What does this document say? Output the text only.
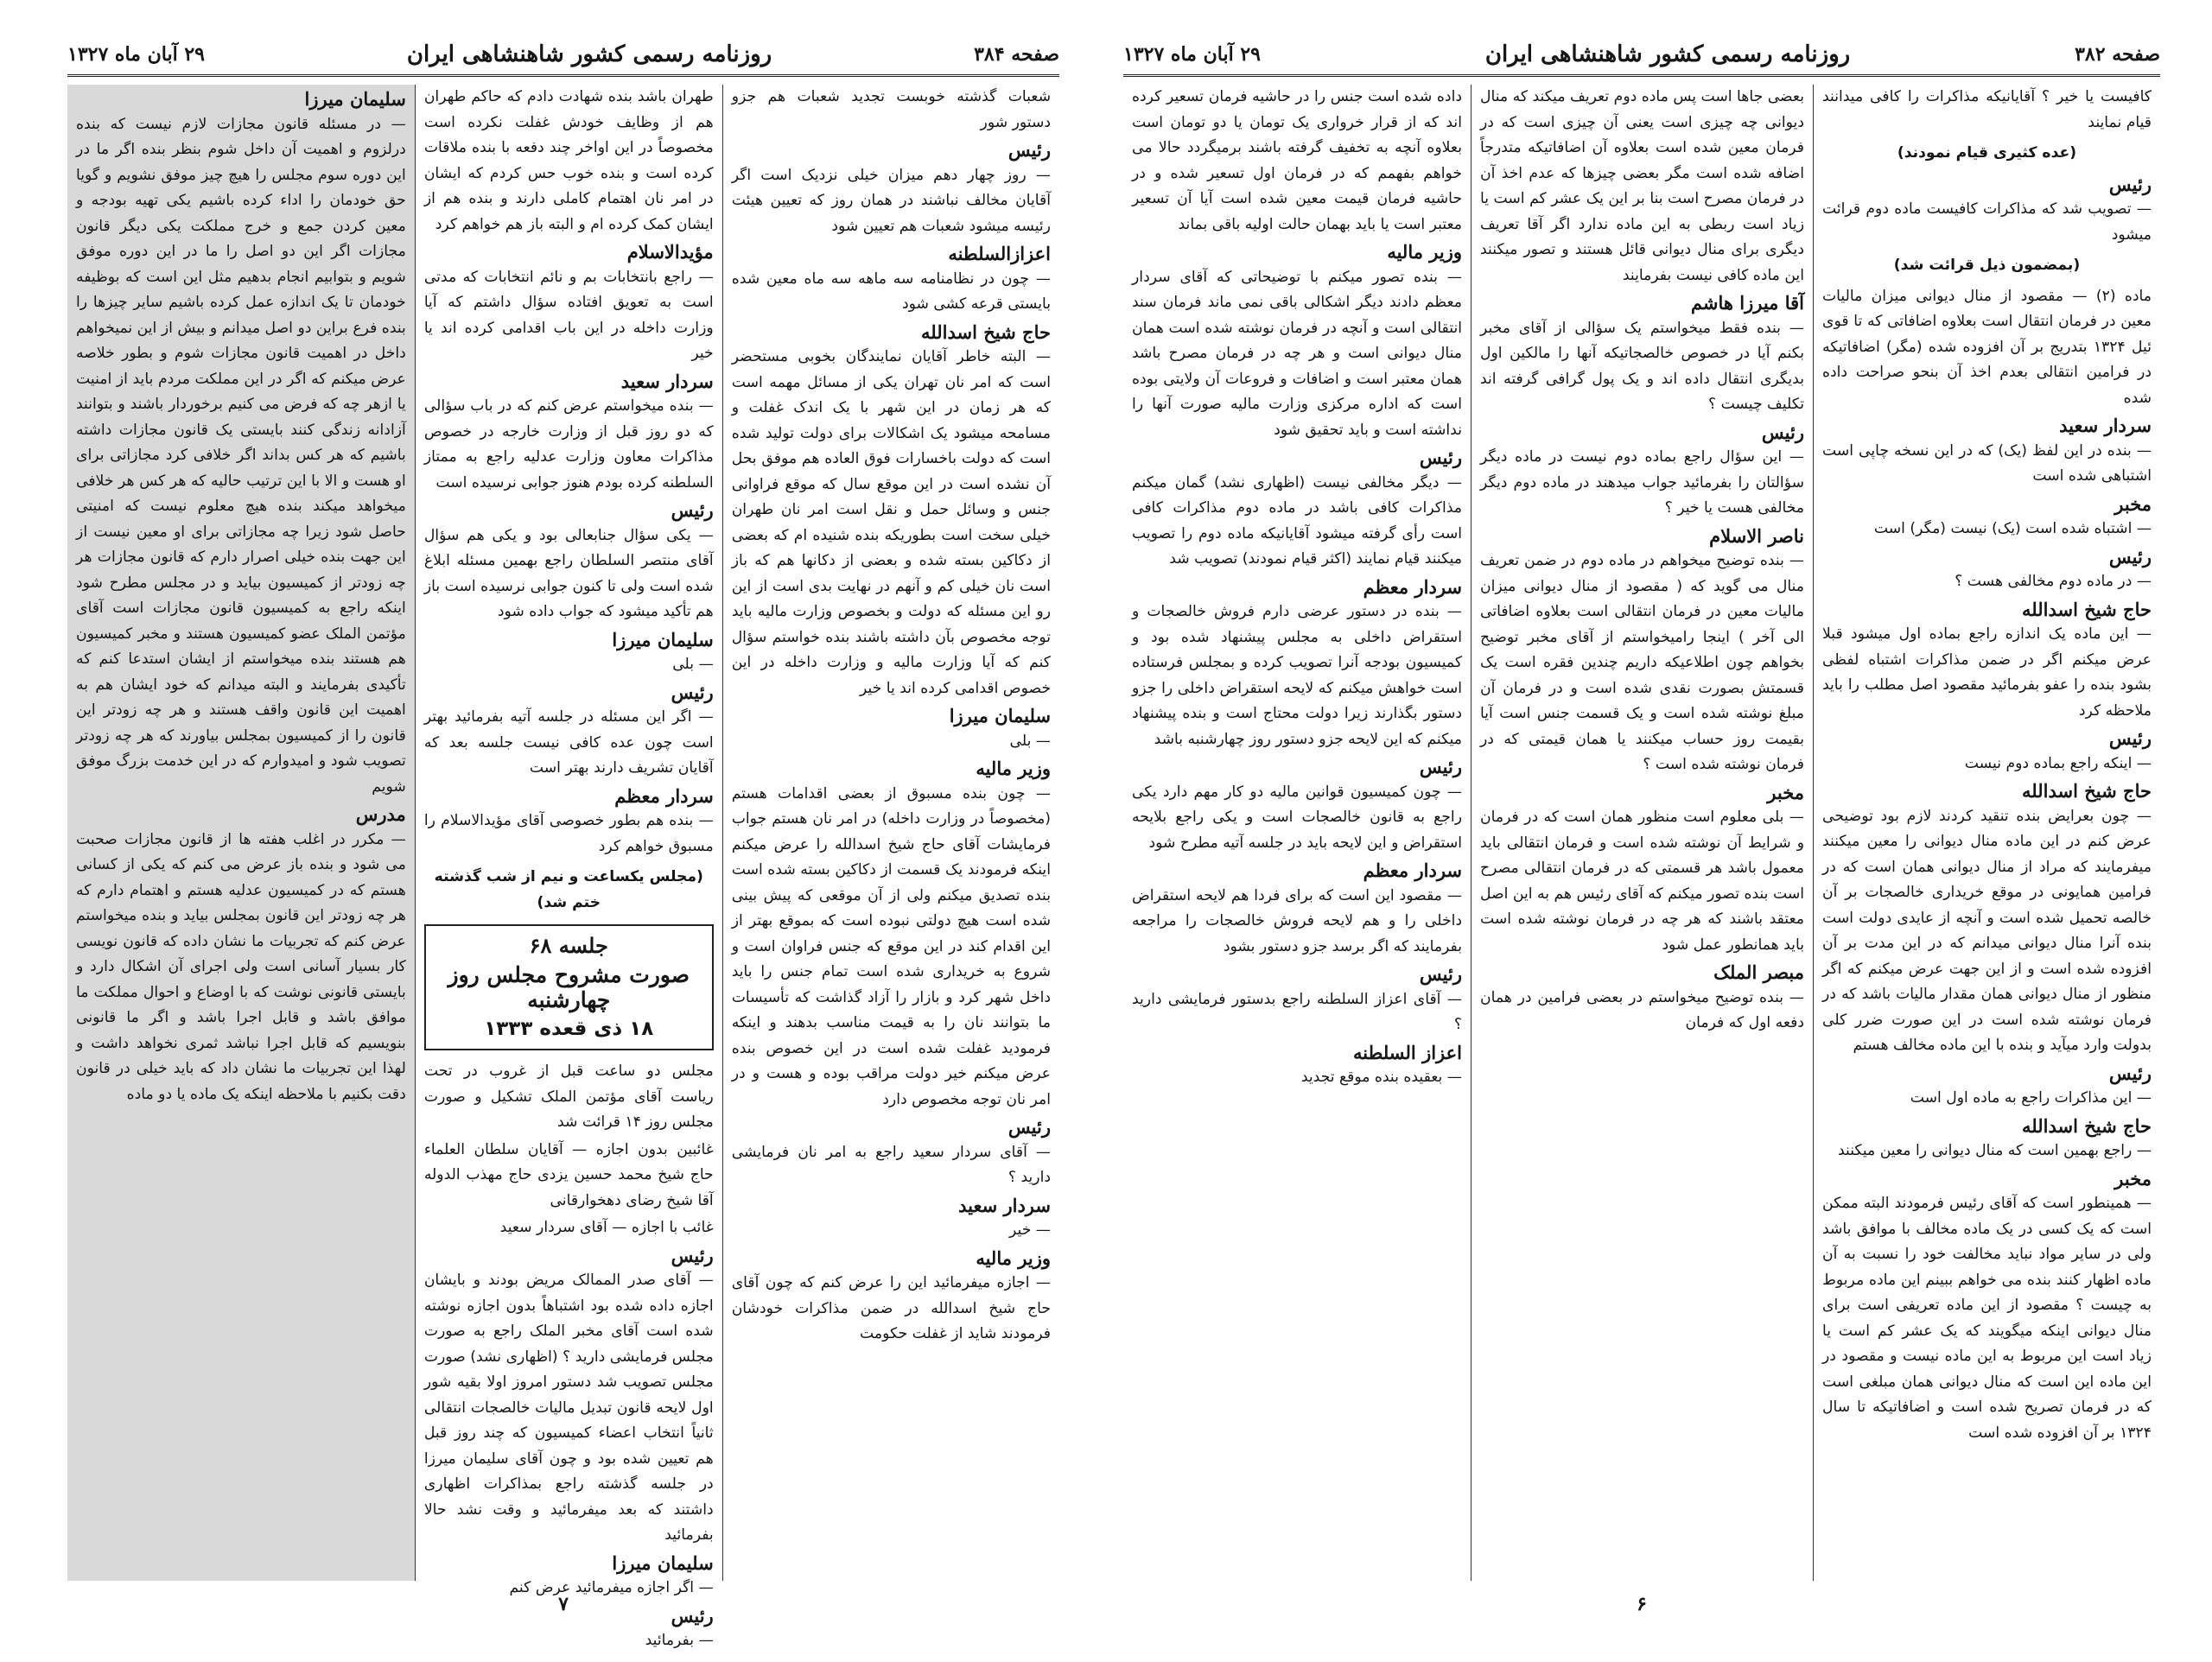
صفحه ۳۸۴
روزنامه رسمی کشور شاهنشاهی ایران
۲۹ آبان ماه ۱۳۲۷
شعبات گذشته خوبست تجدید شعبات هم جزو دستور شور
رئیس
— روز چهار دهم میزان خیلی نزدیک است اگر آقایان مخالف نباشند در همان روز که تعیین هیئت رئیسه میشود شعبات هم تعیین شود
اعزازالسلطنه
— چون در نظامنامه سه ماهه سه ماه معین شده بایستی قرعه کشی شود
حاج شیخ اسدالله
— البته خاطر آقایان نمایندگان بخوبی مستحضر است که امر نان تهران یکی از مسائل مهمه است که هر زمان در این شهر با یک اندک غفلت و مسامحه میشود یک اشکالات برای دولت تولید شده است که دولت باخسارات فوق العاده هم موفق بحل آن نشده است در این موقع سال که موقع فراوانی جنس و وسائل حمل و نقل است امر نان طهران خیلی سخت است بطوریکه بنده شنیده ام که بعضی از دکاکین بسته شده و بعضی از دکانها هم که باز است نان خیلی کم و آنهم در نهایت بدی است از این رو این مسئله که دولت و بخصوص وزارت مالیه باید توجه مخصوص بآن داشته باشند بنده خواستم سؤال کنم که آیا وزارت مالیه و وزارت داخله در این خصوص اقدامی کرده اند یا خیر
سلیمان میرزا
— بلی
وزیر مالیه
— چون بنده مسبوق از بعضی اقدامات هستم (مخصوصاً در وزارت داخله) در امر نان هستم جواب فرمایشات آقای حاج شیخ اسدالله را عرض میکنم اینکه فرمودند یک قسمت از دکاکین بسته شده است بنده تصدیق میکنم ولی از آن موقعی که پیش بینی شده است هیچ دولتی نبوده است که بموقع بهتر از این اقدام کند در این موقع که جنس فراوان است و شروع به خریداری شده است تمام جنس را باید داخل شهر کرد و بازار را آزاد گذاشت که تأسیسات ما بتوانند نان را به قیمت مناسب بدهند و اینکه فرمودید غفلت شده است در این خصوص بنده عرض میکنم خیر دولت مراقب بوده و هست و در امر نان توجه مخصوص دارد
رئیس
— آقای سردار سعید راجع به امر نان فرمایشی دارید ؟
سردار سعید
— خیر
وزیر مالیه
— اجازه میفرمائید این را عرض کنم که چون آقای حاج شیخ اسدالله در ضمن مذاکرات خودشان فرمودند شاید از غفلت حکومت
طهران باشد بنده شهادت دادم که حاکم طهران هم از وظایف خودش غفلت نکرده است مخصوصاً در این اواخر چند دفعه با بنده ملاقات کرده است و بنده خوب حس کردم که ایشان در امر نان اهتمام کاملی دارند و بنده هم از ایشان کمک کرده ام و البته باز هم خواهم کرد
مؤیدالاسلام
— راجع بانتخابات بم و نائم انتخابات که مدتی است به تعویق افتاده سؤال داشتم که آیا وزارت داخله در این باب اقدامی کرده اند یا خیر
سردار سعید
— بنده میخواستم عرض کنم که در باب سؤالی که دو روز قبل از وزارت خارجه در خصوص مذاکرات معاون وزارت عدلیه راجع به ممتاز السلطنه کرده بودم هنوز جوابی نرسیده است
رئیس
— یکی سؤال جنابعالی بود و یکی هم سؤال آقای منتصر السلطان راجع بهمین مسئله ابلاغ شده است ولی تا کنون جوابی نرسیده است باز هم تأکید میشود که جواب داده شود
سلیمان میرزا
— بلی
رئیس
— اگر این مسئله در جلسه آتیه بفرمائید بهتر است چون عده کافی نیست جلسه بعد که آقایان تشریف دارند بهتر است
سردار معظم
— بنده هم بطور خصوصی آقای مؤیدالاسلام را مسبوق خواهم کرد
(مجلس یکساعت و نیم از شب گذشته ختم شد)
جلسه ۶۸
صورت مشروح مجلس روز چهارشنبه
۱۸ ذی قعده ۱۳۳۳
مجلس دو ساعت قبل از غروب در تحت ریاست آقای مؤتمن الملک تشکیل و صورت مجلس روز ۱۴ قرائت شد
غائبین بدون اجازه — آقایان سلطان العلماء حاج شیخ محمد حسین یزدی حاج مهذب الدوله آقا شیخ رضای دهخوارقانی
غائب با اجازه — آقای سردار سعید
رئیس
— آقای صدر الممالک مریض بودند و بایشان اجازه داده شده بود اشتباهاً بدون اجازه نوشته شده است آقای مخبر الملک راجع به صورت مجلس فرمایشی دارید ؟ (اظهاری نشد) صورت مجلس تصویب شد دستور امروز اولا بقیه شور اول لایحه قانون تبدیل مالیات خالصجات انتقالی ثانیاً انتخاب اعضاء کمیسیون که چند روز قبل هم تعیین شده بود و چون آقای سلیمان میرزا در جلسه گذشته راجع بمذاکرات اظهاری داشتند که بعد میفرمائید و وقت نشد حالا بفرمائید
سلیمان میرزا
— اگر اجازه میفرمائید عرض کنم
رئیس
— بفرمائید
سلیمان میرزا
— در مسئله قانون مجازات لازم نیست که بنده درلزوم و اهمیت آن داخل شوم بنظر بنده اگر ما در این دوره سوم مجلس را هیچ چیز موفق نشویم و گویا حق خودمان را اداء کرده باشیم یکی تهیه بودجه و معین کردن جمع و خرج مملکت یکی دیگر قانون مجازات اگر این دو اصل را ما در این دوره موفق شویم و بتوابیم انجام بدهیم مثل این است که بوظیفه خودمان تا یک اندازه عمل کرده باشیم سایر چیزها را بنده فرع براین دو اصل میدانم و بیش از این نمیخواهم داخل در اهمیت قانون مجازات شوم و بطور خلاصه عرض میکنم که اگر در این مملکت مردم باید از امنیت یا ازهر چه که فرض می کنیم برخوردار باشند و بتوانند آزادانه زندگی کنند بایستی یک قانون مجازات داشته باشیم که هر کس بداند اگر خلافی کرد مجازاتی برای او هست و الا با این ترتیب حالیه که هر کس هر خلافی میخواهد میکند بنده هیچ معلوم نیست که امنیتی حاصل شود زیرا چه مجازاتی برای او معین نیست از این جهت بنده خیلی اصرار دارم که قانون مجازات هر چه زودتر از کمیسیون بیاید و در مجلس مطرح شود اینکه راجع به کمیسیون قانون مجازات است آقای مؤتمن الملک عضو کمیسیون هستند و مخبر کمیسیون هم هستند بنده میخواستم از ایشان استدعا کنم که تأکیدی بفرمایند و البته میدانم که خود ایشان هم به اهمیت این قانون واقف هستند و هر چه زودتر این قانون را از کمیسیون بمجلس بیاورند که هر چه زودتر تصویب شود و امیدوارم که در این خدمت بزرگ موفق شویم
مدرس
— مکرر در اغلب هفته ها از قانون مجازات صحبت می شود و بنده باز عرض می کنم که یکی از کسانی هستم که در کمیسیون عدلیه هستم و اهتمام دارم که هر چه زودتر این قانون بمجلس بیاید و بنده میخواستم عرض کنم که تجربیات ما نشان داده که قانون نویسی کار بسیار آسانی است ولی اجرای آن اشکال دارد و بایستی قانونی نوشت که با اوضاع و احوال مملکت ما موافق باشد و قابل اجرا باشد و اگر ما قانونی بنویسیم که قابل اجرا نباشد ثمری نخواهد داشت و لهذا این تجربیات ما نشان داد که باید خیلی در قانون دقت بکنیم با ملاحظه اینکه یک ماده یا دو ماده
۷
صفحه ۳۸۲
روزنامه رسمی کشور شاهنشاهی ایران
۲۹ آبان ماه ۱۳۲۷
کافیست یا خیر ؟ آقایانیکه مذاکرات را کافی میدانند قیام نمایند
(عده کثیری قیام نمودند)
رئیس
— تصویب شد که مذاکرات کافیست ماده دوم قرائت میشود
(بمضمون ذیل قرائت شد)
ماده (۲) — مقصود از منال دیوانی میزان مالیات معین در فرمان انتقال است بعلاوه اضافاتی که تا قوی ئیل ۱۳۲۴ بتدریج بر آن افزوده شده (مگر) اضافاتیکه در فرامین انتقالی بعدم اخذ آن بنحو صراحت داده شده
سردار سعید
— بنده در این لفظ (یک) که در این نسخه چاپی است اشتباهی شده است
مخبر
— اشتباه شده است (یک) نیست (مگر) است
رئیس
— در ماده دوم مخالفی هست ؟
حاج شیخ اسدالله
— این ماده یک اندازه راجع بماده اول میشود قبلا عرض میکنم اگر در ضمن مذاکرات اشتباه لفظی بشود بنده را عفو بفرمائید مقصود اصل مطلب را باید ملاحظه کرد
رئیس
— اینکه راجع بماده دوم نیست
حاج شیخ اسدالله
— چون بعرایض بنده تنقید کردند لازم بود توضیحی عرض کنم در این ماده منال دیوانی را معین میکنند میفرمایند که مراد از منال دیوانی همان است که در فرامین همایونی در موقع خریداری خالصجات بر آن خالصه تحمیل شده است و آنچه از عایدی دولت است بنده آنرا منال دیوانی میدانم که در این مدت بر آن افزوده شده است و از این جهت عرض میکنم که اگر منظور از منال دیوانی همان مقدار مالیات باشد که در فرمان نوشته شده است در این صورت ضرر کلی بدولت وارد میآید و بنده با این ماده مخالف هستم
رئیس
— این مذاکرات راجع به ماده اول است
حاج شیخ اسدالله
— راجع بهمین است که منال دیوانی را معین میکنند
مخبر
— همینطور است که آقای رئیس فرمودند البته ممکن است که یک کسی در یک ماده مخالف با موافق باشد ولی در سایر مواد نباید مخالفت خود را نسبت به آن ماده اظهار کنند بنده می خواهم ببینم این ماده مربوط به چیست ؟ مقصود از این ماده تعریفی است برای منال دیوانی اینکه میگویند که یک عشر کم است یا زیاد است این مربوط به این ماده نیست و مقصود در این ماده این است که منال دیوانی همان مبلغی است که در فرمان تصریح شده است و اضافاتیکه تا سال ۱۳۲۴ بر آن افزوده شده است
بعضی جاها است پس ماده دوم تعریف میکند که منال دیوانی چه چیزی است یعنی آن چیزی است که در فرمان معین شده است بعلاوه آن اضافاتیکه متدرجاً اضافه شده است مگر بعضی چیزها که عدم اخذ آن در فرمان مصرح است بنا بر این یک عشر کم است یا زیاد است ربطی به این ماده ندارد اگر آقا تعریف دیگری برای منال دیوانی قائل هستند و تصور میکنند این ماده کافی نیست بفرمایند
آقا میرزا هاشم
— بنده فقط میخواستم یک سؤالی از آقای مخبر بکنم آیا در خصوص خالصجاتیکه آنها را مالکین اول بدیگری انتقال داده اند و یک پول گرافی گرفته اند تکلیف چیست ؟
رئیس
— این سؤال راجع بماده دوم نیست در ماده دیگر سؤالتان را بفرمائید جواب میدهند در ماده دوم دیگر مخالفی هست یا خیر ؟
ناصر الاسلام
— بنده توضیح میخواهم در ماده دوم در ضمن تعریف منال می گوید که ( مقصود از منال دیوانی میزان مالیات معین در فرمان انتقالی است بعلاوه اضافاتی الی آخر ) اینجا رامیخواستم از آقای مخبر توضیح بخواهم چون اطلاعیکه داریم چندین فقره است یک قسمتش بصورت نقدی شده است و در فرمان آن مبلغ نوشته شده است و یک قسمت جنس است آیا بقیمت روز حساب میکنند یا همان قیمتی که در فرمان نوشته شده است ؟
مخبر
— بلی معلوم است منظور همان است که در فرمان و شرایط آن نوشته شده است و فرمان انتقالی باید معمول باشد هر قسمتی که در فرمان انتقالی مصرح است بنده تصور میکنم که آقای رئیس هم به این اصل معتقد باشند که هر چه در فرمان نوشته شده است باید همانطور عمل شود
مبصر الملک
— بنده توضیح میخواستم در بعضی فرامین در همان دفعه اول که فرمان
داده شده است جنس را در حاشیه فرمان تسعیر کرده اند که از قرار خرواری یک تومان یا دو تومان است بعلاوه آنچه به تخفیف گرفته باشند برمیگردد حالا می خواهم بفهمم که در فرمان اول تسعیر شده و در حاشیه فرمان قیمت معین شده است آیا آن تسعیر معتبر است یا باید بهمان حالت اولیه باقی بماند
وزیر مالیه
— بنده تصور میکنم با توضیحاتی که آقای سردار معظم دادند دیگر اشکالی باقی نمی ماند فرمان سند انتقالی است و آنچه در فرمان نوشته شده است همان منال دیوانی است و هر چه در فرمان مصرح باشد همان معتبر است و اضافات و فروعات آن ولایتی بوده است که اداره مرکزی وزارت مالیه صورت آنها را نداشته است و باید تحقیق شود
رئیس
— دیگر مخالفی نیست (اظهاری نشد) گمان میکنم مذاکرات کافی باشد در ماده دوم مذاکرات کافی است رأی گرفته میشود آقایانیکه ماده دوم را تصویب میکنند قیام نمایند (اکثر قیام نمودند) تصویب شد
سردار معظم
— بنده در دستور عرضی دارم فروش خالصجات و استقراض داخلی به مجلس پیشنهاد شده بود و کمیسیون بودجه آنرا تصویب کرده و بمجلس فرستاده است خواهش میکنم که لایحه استقراض داخلی را جزو دستور بگذارند زیرا دولت محتاج است و بنده پیشنهاد میکنم که این لایحه جزو دستور روز چهارشنبه باشد
رئیس
— چون کمیسیون قوانین مالیه دو کار مهم دارد یکی راجع به قانون خالصجات است و یکی راجع بلایحه استقراض و این لایحه باید در جلسه آتیه مطرح شود
سردار معظم
— مقصود این است که برای فردا هم لایحه استقراض داخلی را و هم لایحه فروش خالصجات را مراجعه بفرمایند که اگر برسد جزو دستور بشود
رئیس
— آقای اعزاز السلطنه راجع بدستور فرمایشی دارید ؟
اعزاز السلطنه
— بعقیده بنده موقع تجدید
۶
